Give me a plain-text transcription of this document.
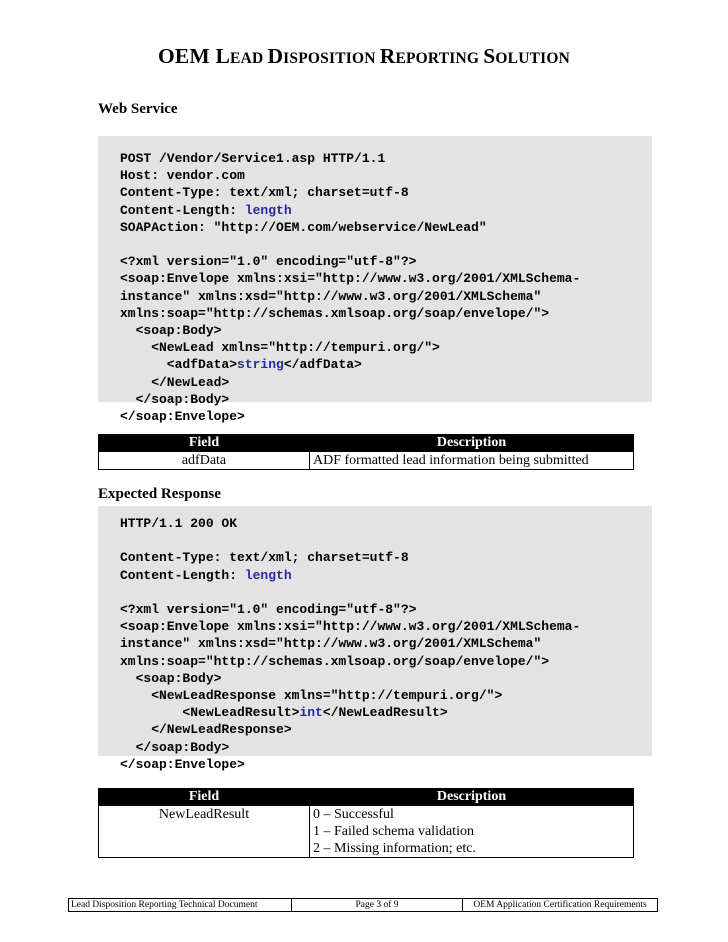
OEM LEAD DISPOSITION REPORTING SOLUTION
Web Service
POST /Vendor/Service1.asp HTTP/1.1
Host: vendor.com
Content-Type: text/xml; charset=utf-8
Content-Length: length
SOAPAction: "http://OEM.com/webservice/NewLead"

<?xml version="1.0" encoding="utf-8"?>
<soap:Envelope xmlns:xsi="http://www.w3.org/2001/XMLSchema-
instance" xmlns:xsd="http://www.w3.org/2001/XMLSchema"
xmlns:soap="http://schemas.xmlsoap.org/soap/envelope/">
<soap:Body>
<NewLead xmlns="http://tempuri.org/">
<adfData>string</adfData>
</NewLead>
</soap:Body>
</soap:Envelope>
Field	Description
adfData	ADF formatted lead information being submitted
Expected Response
HTTP/1.1 200 OK

Content-Type: text/xml; charset=utf-8
Content-Length: length

<?xml version="1.0" encoding="utf-8"?>
<soap:Envelope xmlns:xsi="http://www.w3.org/2001/XMLSchema-
instance" xmlns:xsd="http://www.w3.org/2001/XMLSchema"
xmlns:soap="http://schemas.xmlsoap.org/soap/envelope/">
<soap:Body>
<NewLeadResponse xmlns="http://tempuri.org/">
<NewLeadResult>int</NewLeadResult>
</NewLeadResponse>
</soap:Body>
</soap:Envelope>
Field	Description
NewLeadResult	0 – Successful
1 – Failed schema validation
2 – Missing information; etc.
Lead Disposition Reporting Technical Document	Page 3 of 9	OEM Application Certification Requirements
